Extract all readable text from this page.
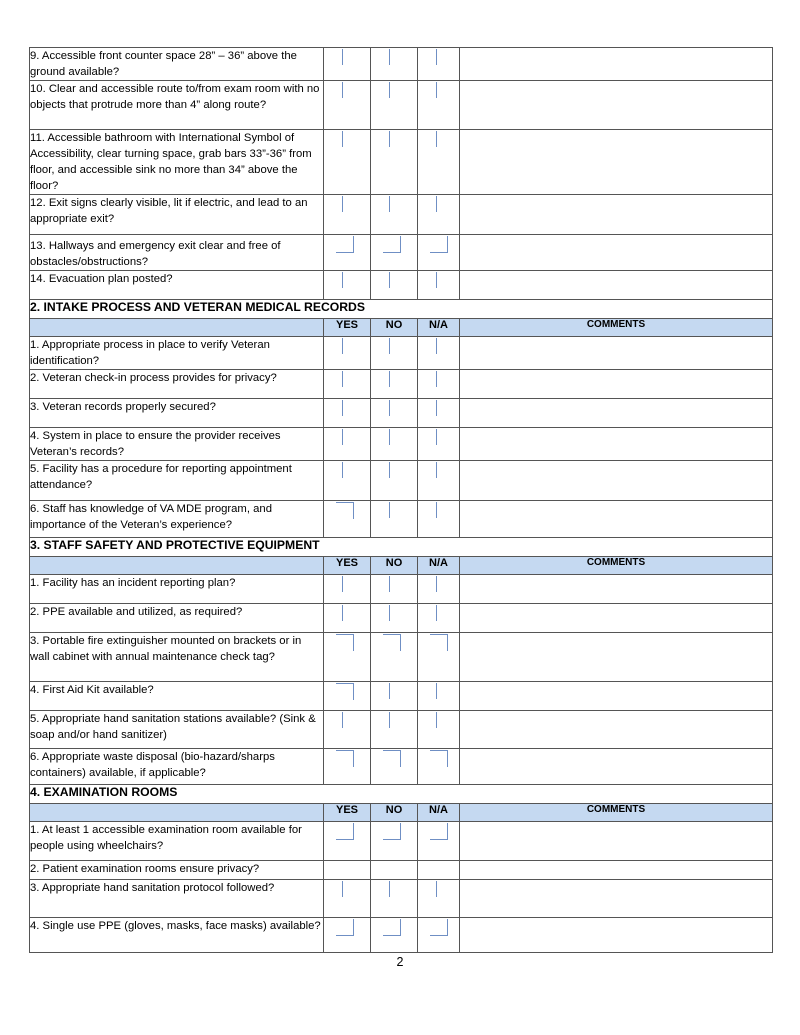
9. Accessible front counter space 28” – 36” above the ground available?	

10. Clear and accessible route to/from exam room with no objects that protrude more than 4” along route?	

11. Accessible bathroom with International Symbol of Accessibility, clear turning space, grab bars 33”-36” from floor, and accessible sink no more than 34” above the floor?	

12. Exit signs clearly visible, lit if electric, and lead to an appropriate exit?	

13. Hallways and emergency exit clear and free of obstacles/obstructions?	

14. Evacuation plan posted?	

2. INTAKE PROCESS AND VETERAN MEDICAL RECORDS				
	YES	NO	N/A	COMMENTS
1. Appropriate process in place to verify Veteran identification?	

2. Veteran check-in process provides for privacy?	

3. Veteran records properly secured?	

4. System in place to ensure the provider receives Veteran’s records?	

5. Facility has a procedure for reporting appointment attendance?	

6. Staff has knowledge of VA MDE program, and importance of the Veteran’s experience?	

3. STAFF SAFETY AND PROTECTIVE EQUIPMENT				
	YES	NO	N/A	COMMENTS
1. Facility has an incident reporting plan?	

2. PPE available and utilized, as required?	

3. Portable fire extinguisher mounted on brackets or in wall cabinet with annual maintenance check tag?	

4. First Aid Kit available?	

5. Appropriate hand sanitation stations available? (Sink & soap and/or hand sanitizer)	

6. Appropriate waste disposal (bio-hazard/sharps containers) available, if applicable?	

4. EXAMINATION ROOMS				
	YES	NO	N/A	COMMENTS
1. At least 1 accessible examination room available for people using wheelchairs?	

2. Patient examination rooms ensure privacy?				
3. Appropriate hand sanitation protocol followed?	

4. Single use PPE (gloves, masks, face masks) available?	

2
